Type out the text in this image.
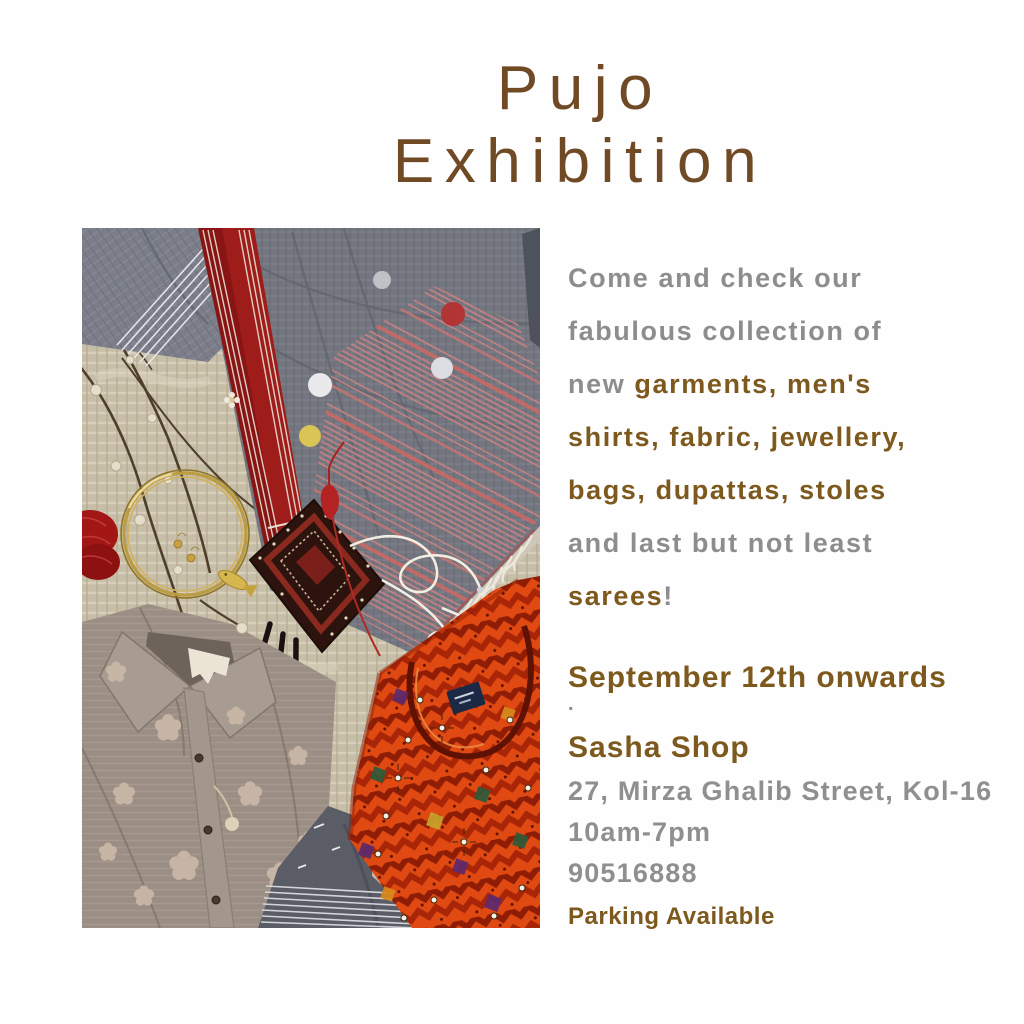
Pujo
Exhibition
Come and check our
fabulous collection of
new garments, men's
shirts, fabric, jewellery,
bags, dupattas, stoles
and last but not least
sarees!
September 12th onwards
.
Sasha Shop
27, Mirza Ghalib Street, Kol-16
10am-7pm
90516888
Parking Available
